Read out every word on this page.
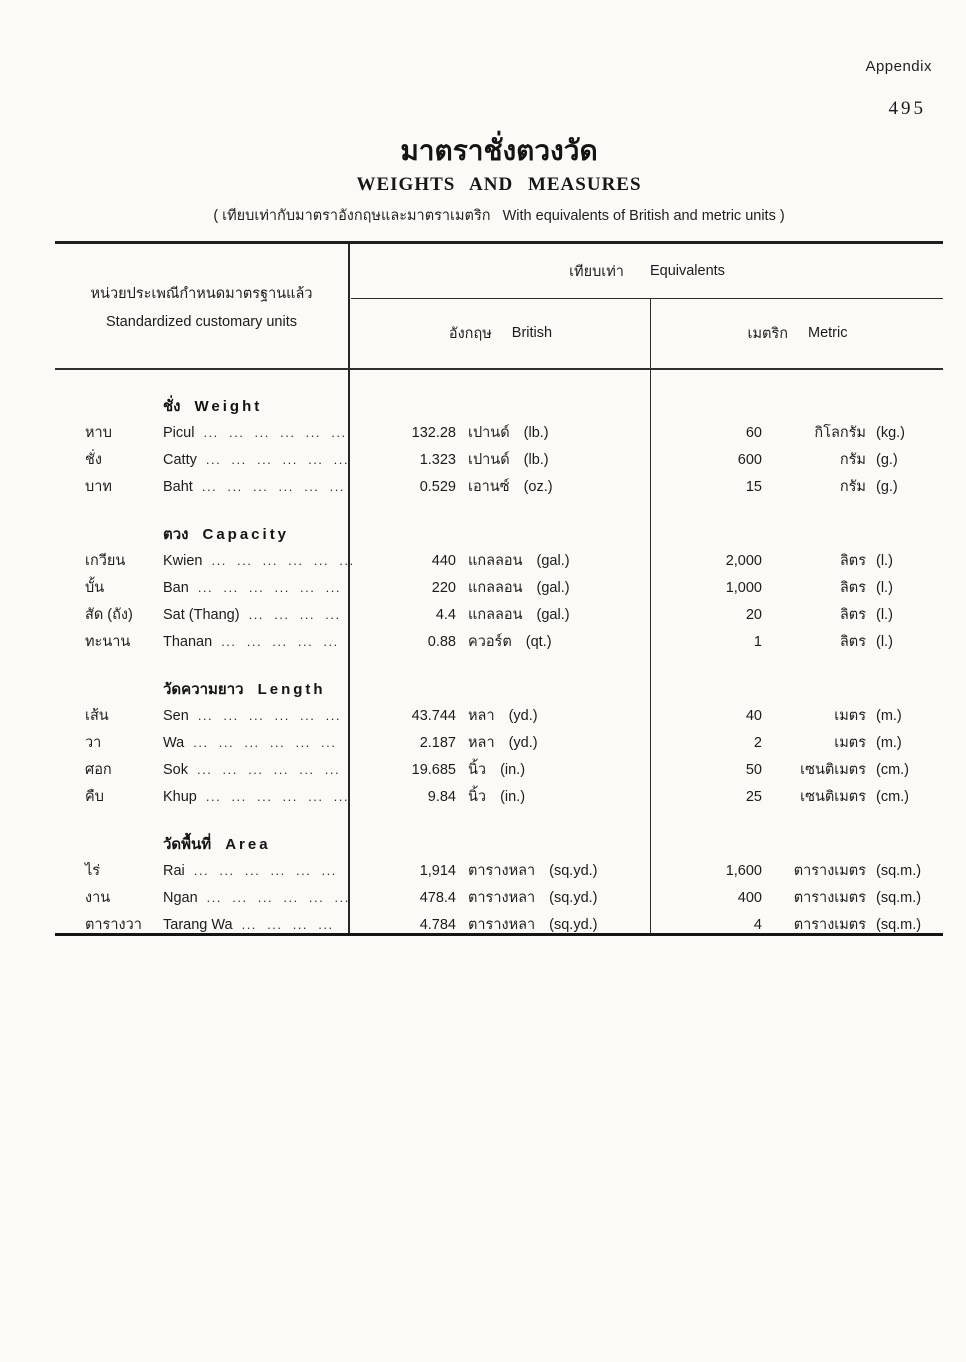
Appendix
495
มาตราชั่งตวงวัด
WEIGHTS AND MEASURES
( เทียบเท่ากับมาตราอังกฤษและมาตราเมตริก   With equivalents of British and metric units )
หน่วยประเพณีกำหนดมาตรฐานแล้ว
Standardized customary units
เทียบเท่า Equivalents
อังกฤษ British	เมตริก Metric
ชั่ง Weight
หาบ	Picul ...  ...  ...  ...  ...  ...	132.28 เปานด์ (lb.)	60	กิโลกรัม (kg.)
ชั่ง	Catty ...  ...  ...  ...  ...  ...	1.323 เปานด์ (lb.)	600	กรัม (g.)
บาท	Baht ...  ...  ...  ...  ...  ...	0.529 เอานซ์ (oz.)	15	กรัม (g.)
ตวง Capacity
เกวียน	Kwien ...  ...  ...  ...  ...  ...	440 แกลลอน (gal.)	2,000	ลิตร (l.)
บั้น	Ban ...  ...  ...  ...  ...  ...	220 แกลลอน (gal.)	1,000	ลิตร (l.)
สัด (ถัง)	Sat (Thang) ...  ...  ...  ...	4.4 แกลลอน (gal.)	20	ลิตร (l.)
ทะนาน	Thanan ...  ...  ...  ...  ...	0.88 ควอร์ต (qt.)	1	ลิตร (l.)
วัดความยาว Length
เส้น	Sen ...  ...  ...  ...  ...  ...	43.744 หลา (yd.)	40	เมตร (m.)
วา	Wa ...  ...  ...  ...  ...  ...	2.187 หลา (yd.)	2	เมตร (m.)
ศอก	Sok ...  ...  ...  ...  ...  ...	19.685 นิ้ว (in.)	50	เซนติเมตร (cm.)
คืบ	Khup ...  ...  ...  ...  ...  ...	9.84 นิ้ว (in.)	25	เซนติเมตร (cm.)
วัดพื้นที่ Area
ไร่	Rai ...  ...  ...  ...  ...  ...	1,914 ตารางหลา (sq.yd.)	1,600	ตารางเมตร (sq.m.)
งาน	Ngan ...  ...  ...  ...  ...  ...	478.4 ตารางหลา (sq.yd.)	400	ตารางเมตร (sq.m.)
ตารางวา	Tarang Wa ...  ...  ...  ...	4.784 ตารางหลา (sq.yd.)	4	ตารางเมตร (sq.m.)
